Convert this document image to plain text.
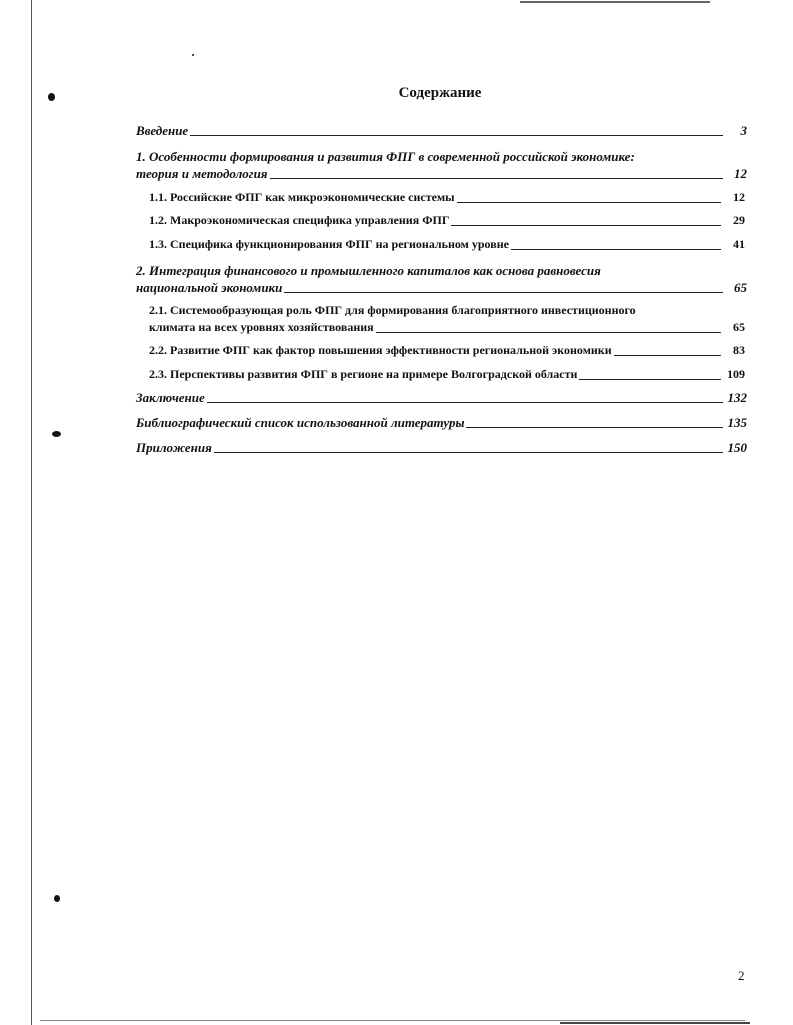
Содержание
Введение	3
1. Особенности формирования и развития ФПГ в современной российской экономике:
теория и методология	12
1.1. Российские ФПГ как микроэкономические системы	12
1.2. Макроэкономическая специфика управления ФПГ	29
1.3. Специфика функционирования ФПГ на региональном уровне	41
2. Интеграция финансового и промышленного капиталов как основа равновесия
национальной экономики	65
2.1. Системообразующая роль ФПГ для формирования благоприятного инвестиционного
климата на всех уровнях хозяйствования	65
2.2. Развитие ФПГ как фактор повышения эффективности региональной экономики	83
2.3. Перспективы развития ФПГ в регионе на примере Волгоградской области	109
Заключение	132
Библиографический список использованной литературы	135
Приложения	150
2
